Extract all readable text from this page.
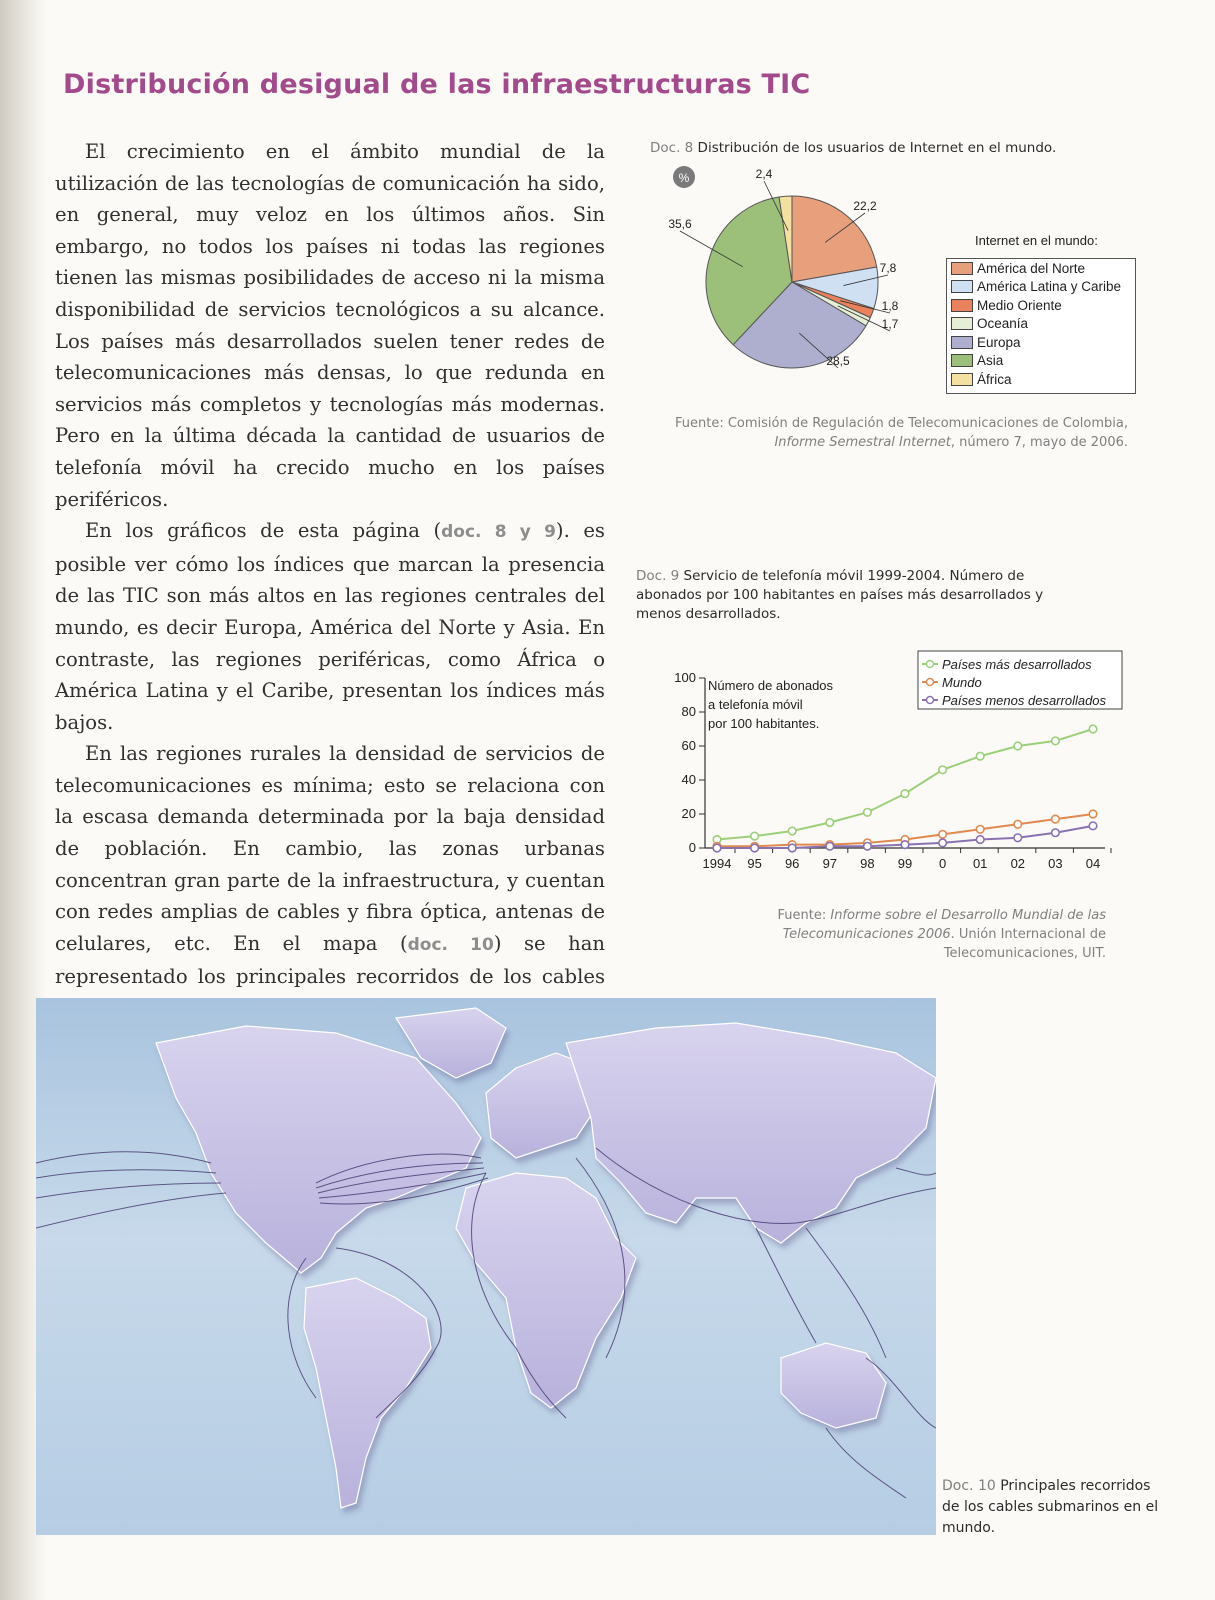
Distribución desigual de las infraestructuras TIC

El crecimiento en el ámbito mundial de la utilización de las tecnologías de comunicación ha sido, en general, muy veloz en los últimos años. Sin embargo, no todos los países ni todas las regiones tienen las mismas posibilidades de acceso ni la misma disponibilidad de servicios tecnológicos a su alcance. Los países más desarrollados suelen tener redes de telecomunicaciones más densas, lo que redunda en servicios más completos y tecnologías más modernas. Pero en la última década la cantidad de usuarios de telefonía móvil ha crecido mucho en los países periféricos.

En los gráficos de esta página (doc. 8 y 9). es posible ver cómo los índices que marcan la presencia de las TIC son más altos en las regiones centrales del mundo, es decir Europa, América del Norte y Asia. En contraste, las regiones periféricas, como África o América Latina y el Caribe, presentan los índices más bajos.

En las regiones rurales la densidad de servicios de telecomunicaciones es mínima; esto se relaciona con la escasa demanda determinada por la baja densidad de población. En cambio, las zonas urbanas concentran gran parte de la infraestructura, y cuentan con redes amplias de cables y fibra óptica, antenas de celulares, etc. En el mapa (doc. 10) se han representado los principales recorridos de los cables

Doc. 8 Distribución de los usuarios de Internet en el mundo.
22,2
7,8
1,8
1,7
28,5
35,6
2,4
%
Internet en el mundo:
América del Norte
América Latina y Caribe
Medio Oriente
Oceanía
Europa
Asia
África
Fuente: Comisión de Regulación de Telecomunicaciones de Colombia, Informe Semestral Internet, número 7, mayo de 2006.
Doc. 9 Servicio de telefonía móvil 1999-2004. Número de abonados por 100 habitantes en países más desarrollados y menos desarrollados.
0
20
40
60
80
100
1994 95 96 97 98 99 0 01 02 03 04
Países más desarrollados
Mundo
Países menos desarrollados
Número de abonados a telefonía móvil por 100 habitantes.
Fuente: Informe sobre el Desarrollo Mundial de las Telecomunicaciones 2006. Unión Internacional de Telecomunicaciones, UIT.
Doc. 10 Principales recorridos de los cables submarinos en el mundo.
